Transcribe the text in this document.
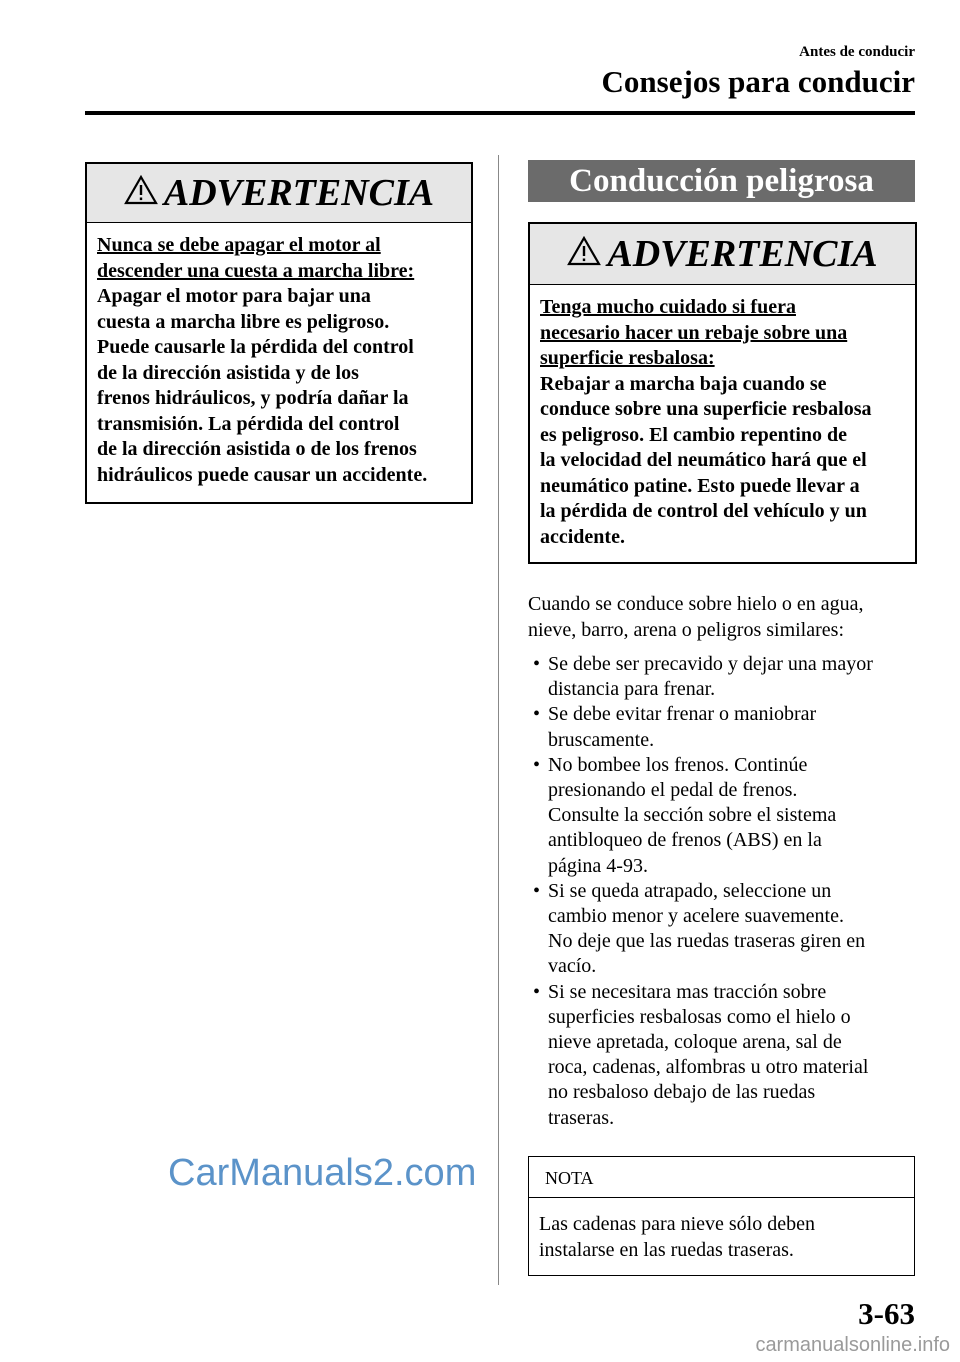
Antes de conducir
Consejos para conducir
ADVERTENCIA
Nunca se debe apagar el motor al
descender una cuesta a marcha libre:
Apagar el motor para bajar una
cuesta a marcha libre es peligroso.
Puede causarle la pérdida del control
de la dirección asistida y de los
frenos hidráulicos, y podría dañar la
transmisión. La pérdida del control
de la dirección asistida o de los frenos
hidráulicos puede causar un accidente.
Conducción peligrosa
ADVERTENCIA
Tenga mucho cuidado si fuera
necesario hacer un rebaje sobre una
superficie resbalosa:
Rebajar a marcha baja cuando se
conduce sobre una superficie resbalosa
es peligroso. El cambio repentino de
la velocidad del neumático hará que el
neumático patine. Esto puede llevar a
la pérdida de control del vehículo y un
accidente.
Cuando se conduce sobre hielo o en agua,
nieve, barro, arena o peligros similares:
• Se debe ser precavido y dejar una mayor
distancia para frenar.
• Se debe evitar frenar o maniobrar
bruscamente.
• No bombee los frenos. Continúe
presionando el pedal de frenos.
Consulte la sección sobre el sistema
antibloqueo de frenos (ABS) en la
página 4-93.
• Si se queda atrapado, seleccione un
cambio menor y acelere suavemente.
No deje que las ruedas traseras giren en
vacío.
• Si se necesitara mas tracción sobre
superficies resbalosas como el hielo o
nieve apretada, coloque arena, sal de
roca, cadenas, alfombras u otro material
no resbaloso debajo de las ruedas
traseras.
NOTA
Las cadenas para nieve sólo deben
instalarse en las ruedas traseras.
CarManuals2.com
3-63
carmanualsonline.info
